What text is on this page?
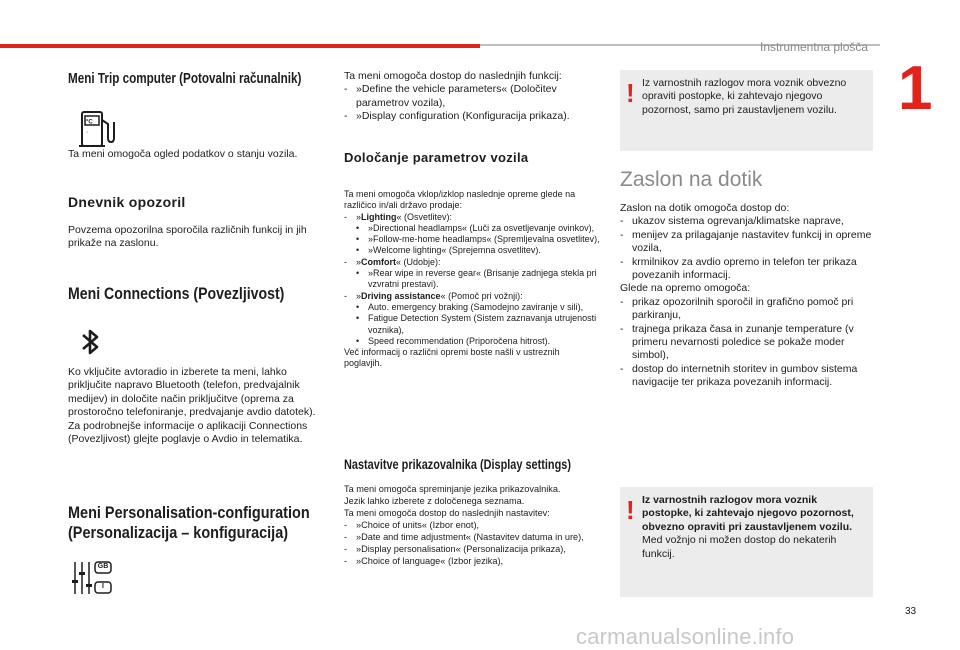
Instrumentna plošča
1
Meni Trip computer (Potovalni računalnik)
°C
·
Ta meni omogoča ogled podatkov o stanju vozila.
Dnevnik opozoril
Povzema opozorilna sporočila različnih funkcij in jih prikaže na zaslonu.
Meni Connections (Povezljivost)
Ko vključite avtoradio in izberete ta meni, lahko priključite napravo Bluetooth (telefon, predvajalnik medijev) in določite način priključitve (oprema za prostoročno telefoniranje, predvajanje avdio datotek).
Za podrobnejše informacije o aplikaciji Connections (Povezljivost) glejte poglavje o Avdio in telematika.
Meni Personalisation-configuration
(Personalizacija – konfiguracija)
GB
I

Ta meni omogoča dostop do naslednjih funkcij:

- »Define the vehicle parameters« (Določitev parametrov vozila),
- »Display configuration (Konfiguracija prikaza).
Določanje parametrov vozila

Ta meni omogoča vklop/izklop naslednje opreme glede na različico in/ali državo prodaje:

- »Lighting« (Osvetlitev):
• »Directional headlamps« (Luči za osvetljevanje ovinkov),
• »Follow-me-home headlamps« (Spremljevalna osvetlitev),
• »Welcome lighting« (Sprejemna osvetlitev).
- »Comfort« (Udobje):
• »Rear wipe in reverse gear« (Brisanje zadnjega stekla pri vzvratni prestavi).
- »Driving assistance« (Pomoč pri vožnji):
• Auto. emergency braking (Samodejno zaviranje v sili),
• Fatigue Detection System (Sistem zaznavanja utrujenosti voznika),
• Speed recommendation (Priporočena hitrost).

Več informacij o različni opremi boste našli v ustreznih poglavjih.

Nastavitve prikazovalnika (Display settings)

Ta meni omogoča spreminjanje jezika prikazovalnika.

Jezik lahko izberete z določenega seznama.

Ta meni omogoča dostop do naslednjih nastavitev:

- »Choice of units« (Izbor enot),
- »Date and time adjustment« (Nastavitev datuma in ure),
- »Display personalisation« (Personalizacija prikaza),
- »Choice of language« (Izbor jezika),
! Iz varnostnih razlogov mora voznik obvezno opraviti postopke, ki zahtevajo njegovo pozornost, samo pri zaustavljenem vozilu.
Zaslon na dotik

Zaslon na dotik omogoča dostop do:

- ukazov sistema ogrevanja/klimatske naprave,
- menijev za prilagajanje nastavitev funkcij in opreme vozila,
- krmilnikov za avdio opremo in telefon ter prikaza povezanih informacij.

Glede na opremo omogoča:

- prikaz opozorilnih sporočil in grafično pomoč pri parkiranju,
- trajnega prikaza časa in zunanje temperature (v primeru nevarnosti poledice se pokaže moder simbol),
- dostop do internetnih storitev in gumbov sistema navigacije ter prikaza povezanih informacij.
! Iz varnostnih razlogov mora voznik postopke, ki zahtevajo njegovo pozornost, obvezno opraviti pri zaustavljenem vozilu.

Med vožnjo ni možen dostop do nekaterih funkcij.

33
carmanualsonline.info
